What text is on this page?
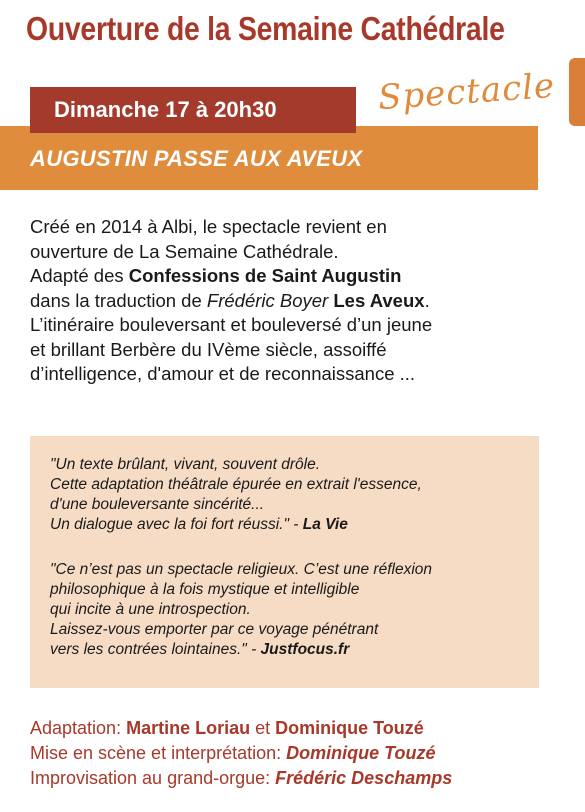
Ouverture de la Semaine Cathédrale
AUGUSTIN PASSE AUX AVEUX
Dimanche 17 à 20h30	Spectacle
Créé en 2014 à Albi, le spectacle revient en
ouverture de La Semaine Cathédrale.
Adapté des Confessions de Saint Augustin
dans la traduction de Frédéric Boyer Les Aveux.
L’itinéraire bouleversant et bouleversé d’un jeune
et brillant Berbère du IVème siècle, assoiffé
d’intelligence, d'amour et de reconnaissance ...
"Un texte brûlant, vivant, souvent drôle.
Cette adaptation théâtrale épurée en extrait l'essence,
d'une bouleversante sincérité...
Un dialogue avec la foi fort réussi." - La Vie
"Ce n’est pas un spectacle religieux. C’est une réflexion
philosophique à la fois mystique et intelligible
qui incite à une introspection.
Laissez-vous emporter par ce voyage pénétrant
vers les contrées lointaines." - Justfocus.fr
Adaptation: Martine Loriau et Dominique Touzé
Mise en scène et interprétation: Dominique Touzé
Improvisation au grand-orgue: Frédéric Deschamps
